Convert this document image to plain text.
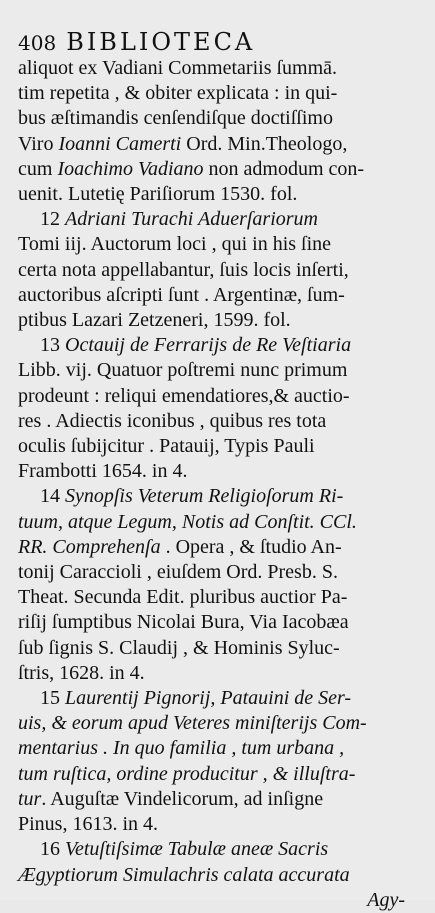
408 BIBLIOTECA
aliquot ex Vadiani Commetariis ſummā.
tim repetita , & obiter explicata : in qui-
bus æſtimandis cenſendiſque doctiſſimo
Viro Ioanni Camerti Ord. Min.Theologo,
cum Ioachimo Vadiano non admodum con-
uenit. Lutetię Pariſiorum 1530. fol.
12 Adriani Turachi Aduerſariorum
Tomi iij. Auctorum loci , qui in his ſine
certa nota appellabantur, ſuis locis inſerti,
auctoribus aſcripti ſunt . Argentinæ, ſum-
ptibus Lazari Zetzeneri, 1599. fol.
13 Octauij de Ferrarijs de Re Veſtiaria
Libb. vij. Quatuor poſtremi nunc primum
prodeunt : reliqui emendatiores,& auctio-
res . Adiectis iconibus , quibus res tota
oculis ſubijcitur . Patauij, Typis Pauli
Frambotti 1654. in 4.
14 Synopſis Veterum Religioſorum Ri-
tuum, atque Legum, Notis ad Conſtit. CCl.
RR. Comprehenſa . Opera , & ſtudio An-
tonij Caraccioli , eiuſdem Ord. Presb. S.
Theat. Secunda Edit. pluribus auctior Pa-
riſij ſumptibus Nicolai Bura, Via Iacobæa
ſub ſignis S. Claudij , & Hominis Syluc-
ſtris, 1628. in 4.
15 Laurentij Pignorij, Patauini de Ser-
uis, & eorum apud Veteres miniſterijs Com-
mentarius . In quo familia , tum urbana ,
tum ruſtica, ordine producitur , & illuſtra-
tur. Auguſtæ Vindelicorum, ad inſigne
Pinus, 1613. in 4.
16 Vetuſtiſsimæ Tabulæ aneæ Sacris
Ægyptiorum Simulachris calata accurata
Agy-
